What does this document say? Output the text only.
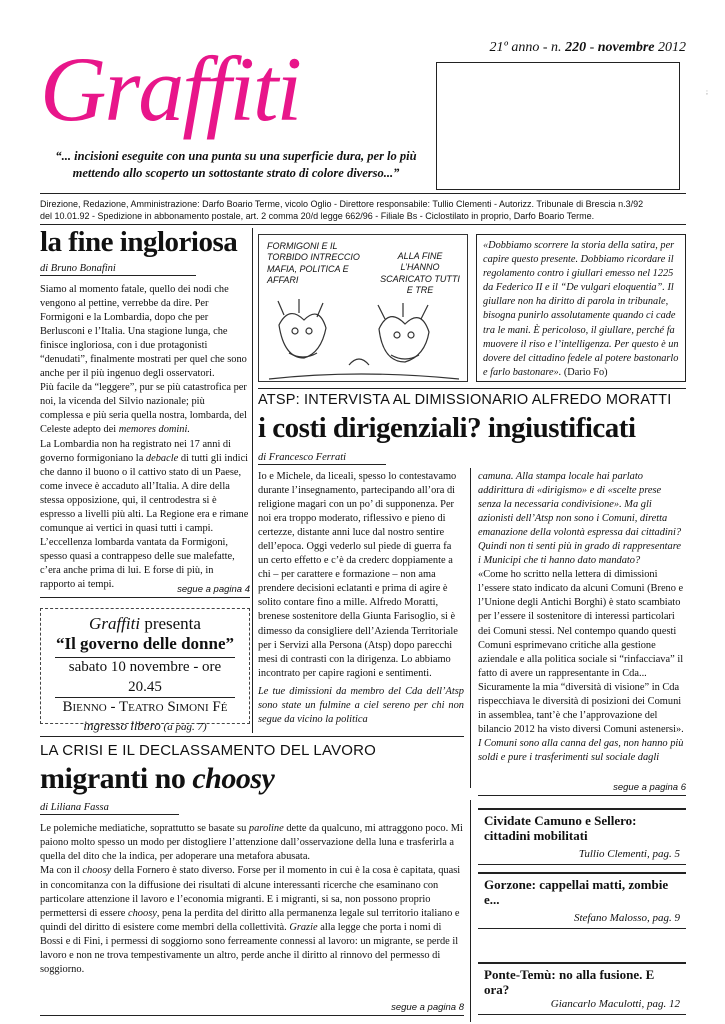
Graffiti	21º anno - n. 220 - novembre 2012
;
“... incisioni eseguite con una punta su una superficie dura, per lo più mettendo allo scoperto un sottostante strato di colore diverso...”

Direzione, Redazione, Amministrazione: Darfo Boario Terme, vicolo Oglio - Direttore responsabile: Tullio Clementi - Autorizz. Tribunale di Brescia n.3/92

del 10.01.92 - Spedizione in abbonamento postale, art. 2 comma 20/d legge 662/96 - Filiale Bs - Ciclostilato in proprio, Darfo Boario Terme.

la fine ingloriosa
di Bruno Bonafini

Siamo al momento fatale, quello dei nodi che vengono al pettine, verrebbe da dire. Per Formigoni e la Lombardia, dopo che per Berlusconi e l’Italia. Una stagione lunga, che finisce ingloriosa, con i due protagonisti “denudati”, finalmente mostrati per quel che sono anche per il più ingenuo degli osservatori.

Più facile da “leggere”, pur se più catastrofica per noi, la vicenda del Silvio nazionale; più complessa e più seria quella nostra, lombarda, del Celeste adepto dei memores domini.

La Lombardia non ha registrato nei 17 anni di governo formigoniano la debacle di tutti gli indici che danno il buono o il cattivo stato di un Paese, come invece è accaduto all’Italia. A dire della stessa opposizione, qui, il centrodestra si è espresso a livelli più alti. La Regione era e rimane comunque ai vertici in quasi tutti i campi. L’eccellenza lombarda vantata da Formigoni, spesso quasi a contrappeso delle sue malefatte, c’era anche prima di lui. E forse di più, in rapporto ai tempi.	segue a pagina 4
Graffiti presenta
“Il governo delle donne”
sabato 10 novembre - ore 20.45
Bienno - Teatro Simoni Fé
ingresso libero (a pag. 7)
FORMIGONI E IL TORBIDO INTRECCIO MAFIA, POLITICA E AFFARI
ALLA FINE L’HANNO SCARICATO TUTTI E TRE
«Dobbiamo scorrere la storia della satira, per capire questo presente. Dobbiamo ricordare il regolamento contro i giullari emesso nel 1225 da Federico II e il “De vulgari eloquentia”. Il giullare non ha diritto di parola in tribunale, bisogna punirlo assolutamente quando ci cade tra le mani. È pericoloso, il giullare, perché fa muovere il riso e l’intelligenza. Per questo è un dovere del cittadino fedele al potere bastonarlo e farlo bastonare». (Dario Fo)
ATSP: INTERVISTA AL DIMISSIONARIO ALFREDO MORATTI
i costi dirigenziali? ingiustificati
di Francesco Ferrati

Io e Michele, da liceali, spesso lo contestavamo durante l’insegnamento, partecipando all’ora di religione magari con un po’ di supponenza. Per noi era troppo moderato, riflessivo e pieno di certezze, distante anni luce dal nostro sentire dell’epoca. Oggi vederlo sul piede di guerra fa un certo effetto e c’è da crederc doppiamente a chi – per carattere e formazione – non ama prendere decisioni eclatanti e prima di agire è solito contare fino a mille. Alfredo Moratti, brenese sostenitore della Giunta Farisoglio, si è dimesso da consigliere dell’Azienda Territoriale per i Servizi alla Persona (Atsp) dopo parecchi mesi di contrasti con la dirigenza. Lo abbiamo incontrato per capire ragioni e sentimenti.

Le tue dimissioni da membro del Cda dell’Atsp sono state un fulmine a ciel sereno per chi non segue da vicino la politica

camuna. Alla stampa locale hai parlato addirittura di «dirigismo» e di «scelte prese senza la necessaria condivisione». Ma gli azionisti dell’Atsp non sono i Comuni, diretta emanazione della volontà espressa dai cittadini? Quindi non ti senti più in grado di rappresentare i Municipi che ti hanno dato mandato?

«Come ho scritto nella lettera di dimissioni l’essere stato indicato da alcuni Comuni (Breno e l’Unione degli Antichi Borghi) è stato scambiato per l’essere il sostenitore di interessi particolari dei Comuni stessi. Nel contempo quando questi Comuni esprimevano critiche alla gestione aziendale e alla politica sociale si “rinfacciava” il fatto di avere un rappresentante in Cda... Sicuramente la mia “diversità di visione” in Cda rispecchiava le diversità di posizioni dei Comuni in assemblea, tant’è che l’approvazione del bilancio 2012 ha visto diversi Comuni astenersi».

I Comuni sono alla canna del gas, non hanno più soldi e pure i trasferimenti sul sociale dagli

segue a pagina 6
LA CRISI E IL DECLASSAMENTO DEL LAVORO
migranti no choosy
di Liliana Fassa

Le polemiche mediatiche, soprattutto se basate su paroline dette da qualcuno, mi attraggono poco. Mi paiono molto spesso un modo per distogliere l’attenzione dall’osservazione della luna e trasferirla a quella del dito che la indica, per adoperare una metafora abusata.

Ma con il choosy della Fornero è stato diverso. Forse per il momento in cui è la cosa è capitata, quasi in concomitanza con la diffusione dei risultati di alcune interessanti ricerche che esaminano con particolare attenzione il lavoro e l’economia migranti. E i migranti, si sa, non possono proprio permettersi di essere choosy, pena la perdita del diritto alla permanenza legale sul territorio italiano e quindi del diritto di esistere come membri della collettività. Grazie alla legge che porta i nomi di Bossi e di Fini, i permessi di soggiorno sono ferreamente connessi al lavoro: un migrante, se perde il lavoro e non ne trova tempestivamente un altro, perde anche il diritto al rinnovo del permesso di soggiorno.

segue a pagina 8
Cividate Camuno e Sellero: cittadini mobilitati
Tullio Clementi, pag. 5
Gorzone: cappellai matti, zombie e...
Stefano Malosso, pag. 9
Ponte-Temù: no alla fusione. E ora?
Giancarlo Maculotti, pag. 12
